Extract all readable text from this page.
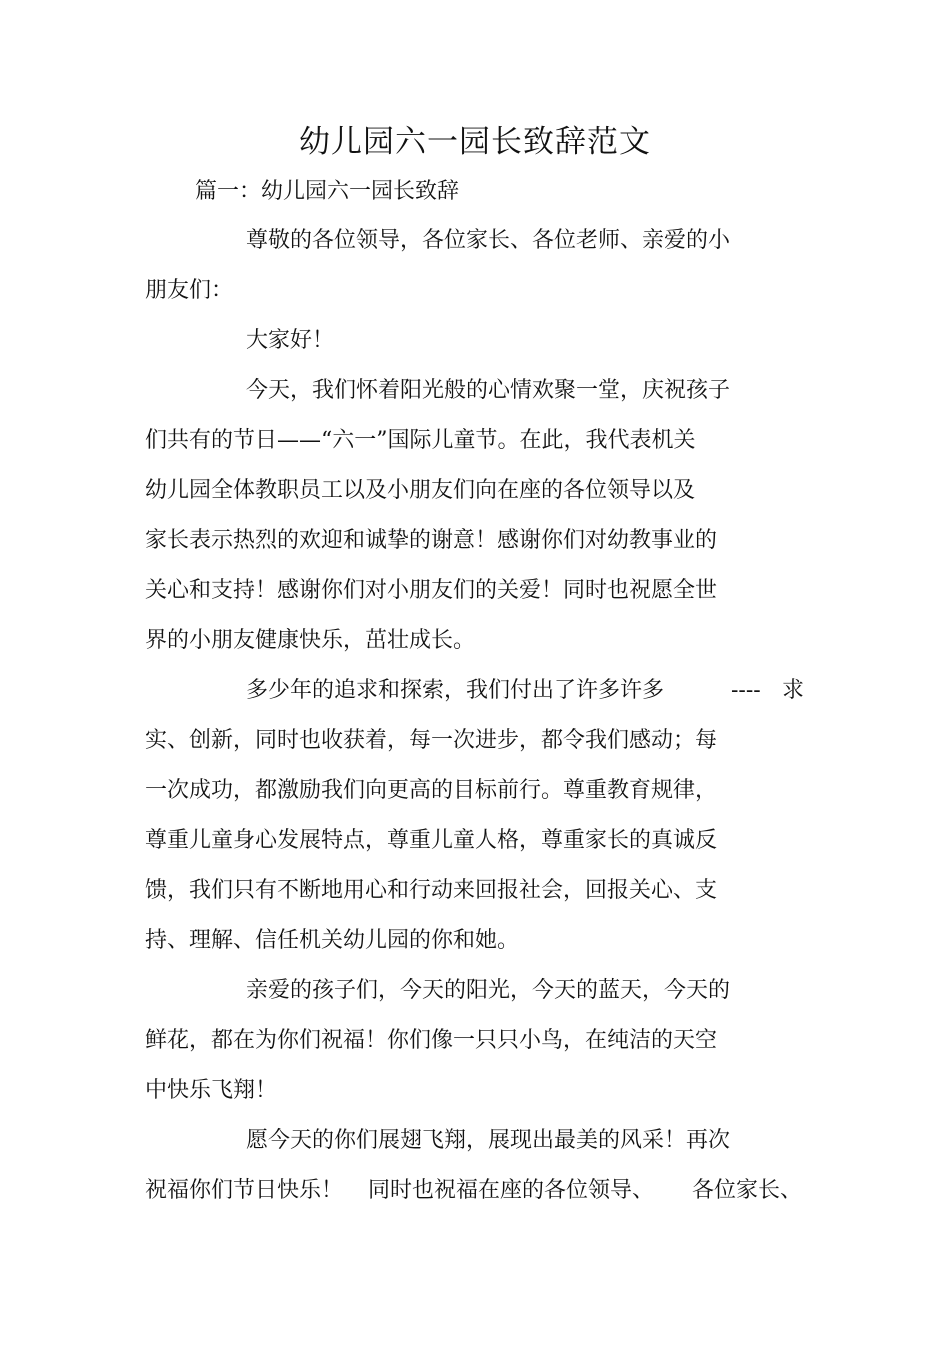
幼儿园六一园长致辞范文

篇一：幼儿园六一园长致辞

尊敬的各位领导，各位家长、各位老师、亲爱的小

朋友们：

大家好！

今天，我们怀着阳光般的心情欢聚一堂，庆祝孩子

们共有的节日——“六一”国际儿童节。在此，我代表机关

幼儿园全体教职员工以及小朋友们向在座的各位领导以及

家长表示热烈的欢迎和诚挚的谢意！感谢你们对幼教事业的

关心和支持！感谢你们对小朋友们的关爱！同时也祝愿全世

界的小朋友健康快乐，茁壮成长。

多少年的追求和探索，我们付出了许多许多	---- 求

实、创新，同时也收获着，每一次进步，都令我们感动；每

一次成功，都激励我们向更高的目标前行。尊重教育规律，

尊重儿童身心发展特点，尊重儿童人格，尊重家长的真诚反

馈，我们只有不断地用心和行动来回报社会，回报关心、支

持、理解、信任机关幼儿园的你和她。

亲爱的孩子们，今天的阳光，今天的蓝天，今天的

鲜花，都在为你们祝福！你们像一只只小鸟，在纯洁的天空

中快乐飞翔！

愿今天的你们展翅飞翔，展现出最美的风采！再次

祝福你们节日快乐！ 同时也祝福在座的各位领导、 各位家长、
